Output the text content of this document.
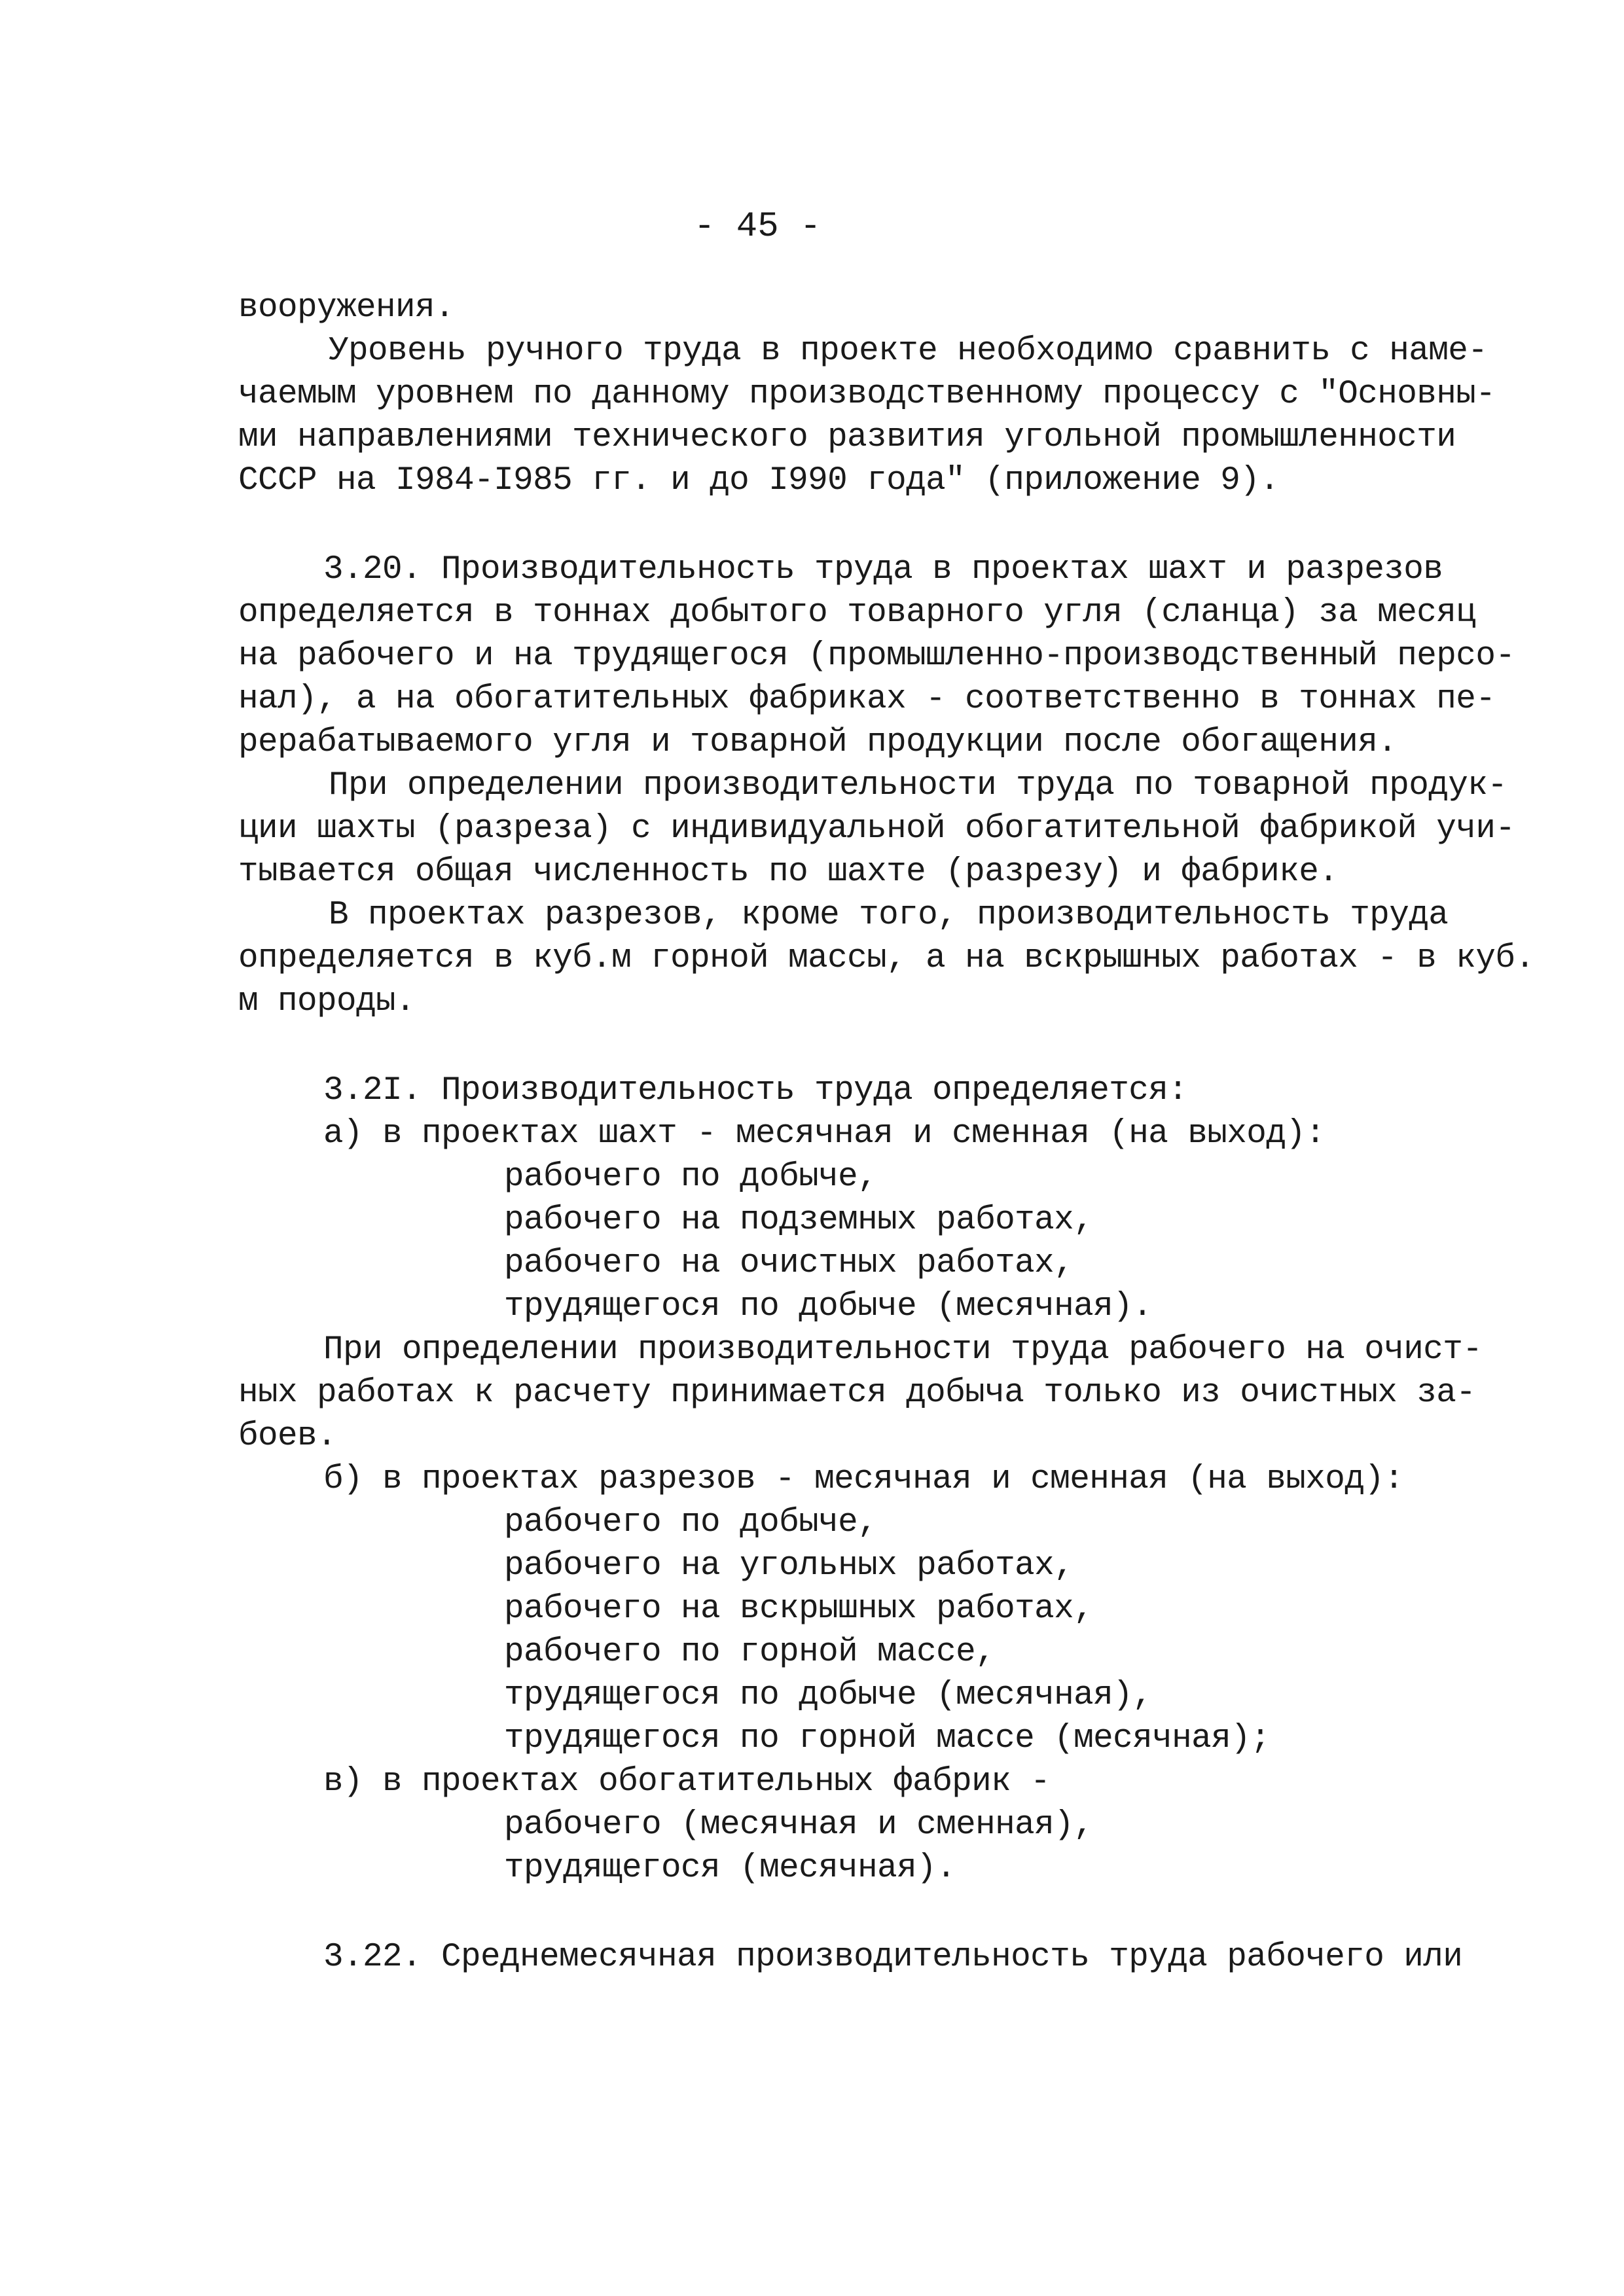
- 45 -
вооружения.
Уровень ручного труда в проекте необходимо сравнить с наме-
чаемым уровнем по данному производственному процессу с "Основны-
ми направлениями технического развития угольной промышленности
СССР на I984-I985 гг. и до I990 года" (приложение 9).
3.20. Производительность труда в проектах шахт и разрезов
определяется в тоннах добытого товарного угля (сланца) за месяц
на рабочего и на трудящегося (промышленно-производственный персо-
нал), а на обогатительных фабриках - соответственно в тоннах пе-
рерабатываемого угля и товарной продукции после обогащения.
При определении производительности труда по товарной продук-
ции шахты (разреза) с индивидуальной обогатительной фабрикой учи-
тывается общая численность по шахте (разрезу) и фабрике.
В проектах разрезов, кроме того, производительность труда
определяется в куб.м горной массы, а на вскрышных работах - в куб.
м породы.
3.2I. Производительность труда определяется:
а) в проектах шахт - месячная и сменная (на выход):
рабочего по добыче,
рабочего на подземных работах,
рабочего на очистных работах,
трудящегося по добыче (месячная).
При определении производительности труда рабочего на очист-
ных работах к расчету принимается добыча только из очистных за-
боев.
б) в проектах разрезов - месячная и сменная (на выход):
рабочего по добыче,
рабочего на угольных работах,
рабочего на вскрышных работах,
рабочего по горной массе,
трудящегося по добыче (месячная),
трудящегося по горной массе (месячная);
в) в проектах обогатительных фабрик -
рабочего (месячная и сменная),
трудящегося (месячная).
3.22. Среднемесячная производительность труда рабочего или
